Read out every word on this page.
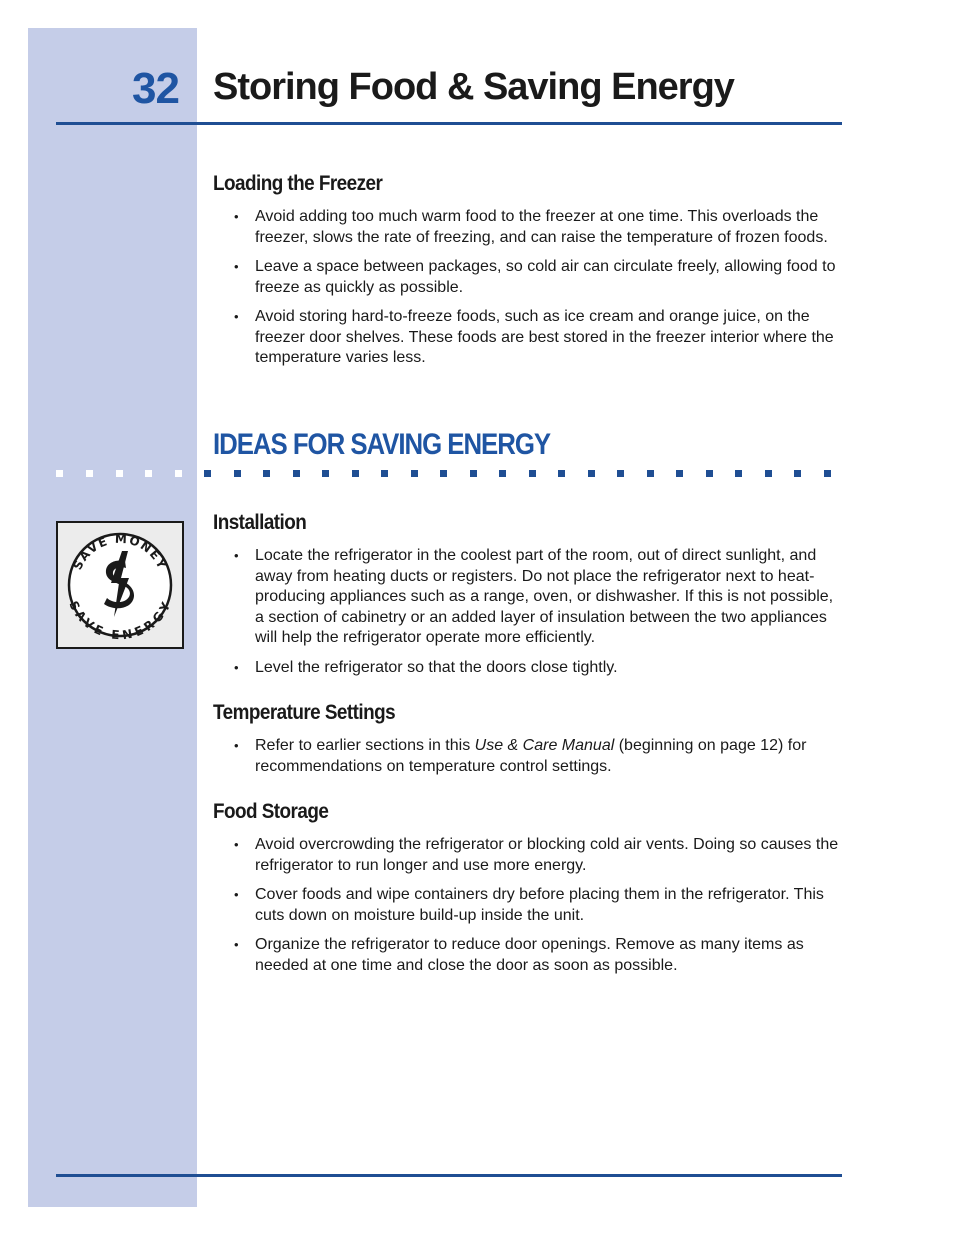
32 Storing Food & Saving Energy
Loading the Freezer
• Avoid adding too much warm food to the freezer at one time. This overloads the freezer, slows the rate of freezing, and can raise the temperature of frozen foods.
• Leave a space between packages, so cold air can circulate freely, allowing food to freeze as quickly as possible.
• Avoid storing hard-to-freeze foods, such as ice cream and orange juice, on the freezer door shelves. These foods are best stored in the freezer interior where the temperature varies less.
IDEAS FOR SAVING ENERGY
SAVE MONEY
SAVE ENERGY
Installation
• Locate the refrigerator in the coolest part of the room, out of direct sunlight, and away from heating ducts or registers. Do not place the refrigerator next to heat-producing appliances such as a range, oven, or dishwasher. If this is not possible, a section of cabinetry or an added layer of insulation between the two appliances will help the refrigerator operate more efficiently.
• Level the refrigerator so that the doors close tightly.
Temperature Settings
• Refer to earlier sections in this Use & Care Manual (beginning on page 12) for recommendations on temperature control settings.
Food Storage
• Avoid overcrowding the refrigerator or blocking cold air vents. Doing so causes the refrigerator to run longer and use more energy.
• Cover foods and wipe containers dry before placing them in the refrigerator. This cuts down on moisture build-up inside the unit.
• Organize the refrigerator to reduce door openings. Remove as many items as needed at one time and close the door as soon as possible.
